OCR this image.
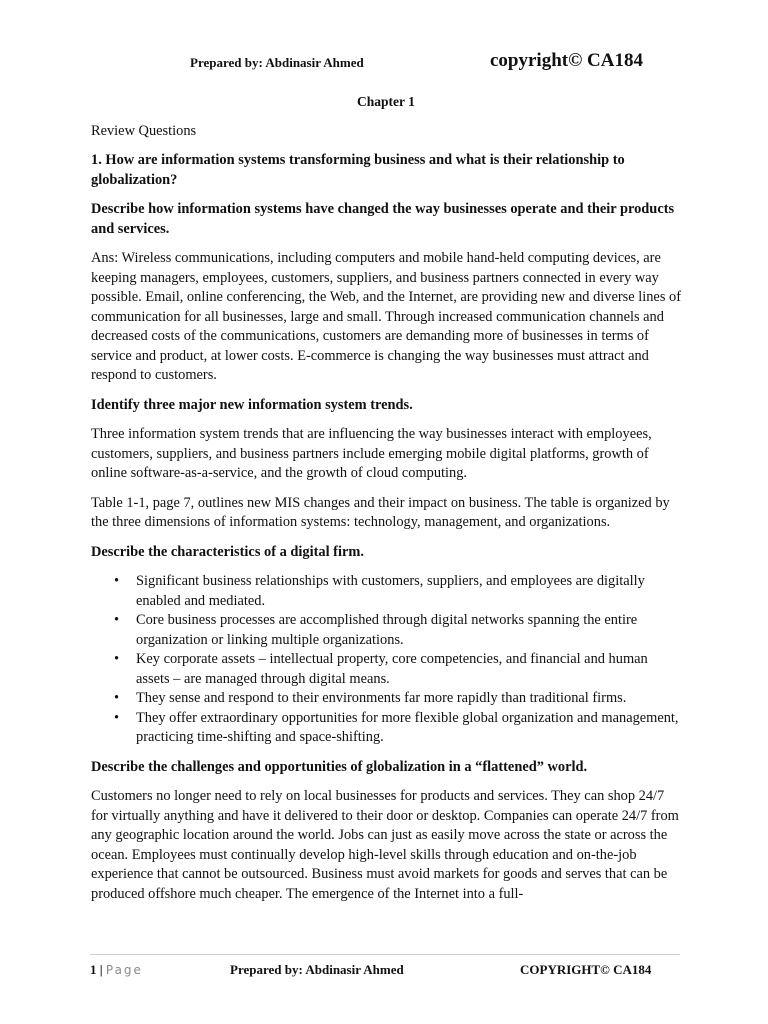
Prepared by: Abdinasir Ahmed	copyright© CA184
Chapter 1

Review Questions

1. How are information systems transforming business and what is their relationship to globalization?

Describe how information systems have changed the way businesses operate and their products and services.

Ans: Wireless communications, including computers and mobile hand-held computing devices, are keeping managers, employees, customers, suppliers, and business partners connected in every way possible. Email, online conferencing, the Web, and the Internet, are providing new and diverse lines of communication for all businesses, large and small. Through increased communication channels and decreased costs of the communications, customers are demanding more of businesses in terms of service and product, at lower costs. E-commerce is changing the way businesses must attract and respond to customers.

Identify three major new information system trends.

Three information system trends that are influencing the way businesses interact with employees, customers, suppliers, and business partners include emerging mobile digital platforms, growth of online software-as-a-service, and the growth of cloud computing.

Table 1-1, page 7, outlines new MIS changes and their impact on business. The table is organized by the three dimensions of information systems: technology, management, and organizations.

Describe the characteristics of a digital firm.

• Significant business relationships with customers, suppliers, and employees are digitally enabled and mediated.
• Core business processes are accomplished through digital networks spanning the entire organization or linking multiple organizations.
• Key corporate assets – intellectual property, core competencies, and financial and human assets – are managed through digital means.
• They sense and respond to their environments far more rapidly than traditional firms.
• They offer extraordinary opportunities for more flexible global organization and management, practicing time-shifting and space-shifting.

Describe the challenges and opportunities of globalization in a “flattened” world.

Customers no longer need to rely on local businesses for products and services. They can shop 24/7 for virtually anything and have it delivered to their door or desktop. Companies can operate 24/7 from any geographic location around the world. Jobs can just as easily move across the state or across the ocean. Employees must continually develop high-level skills through education and on-the-job experience that cannot be outsourced. Business must avoid markets for goods and serves that can be produced offshore much cheaper. The emergence of the Internet into a full-

1 | Page	Prepared by: Abdinasir Ahmed	COPYRIGHT© CA184
